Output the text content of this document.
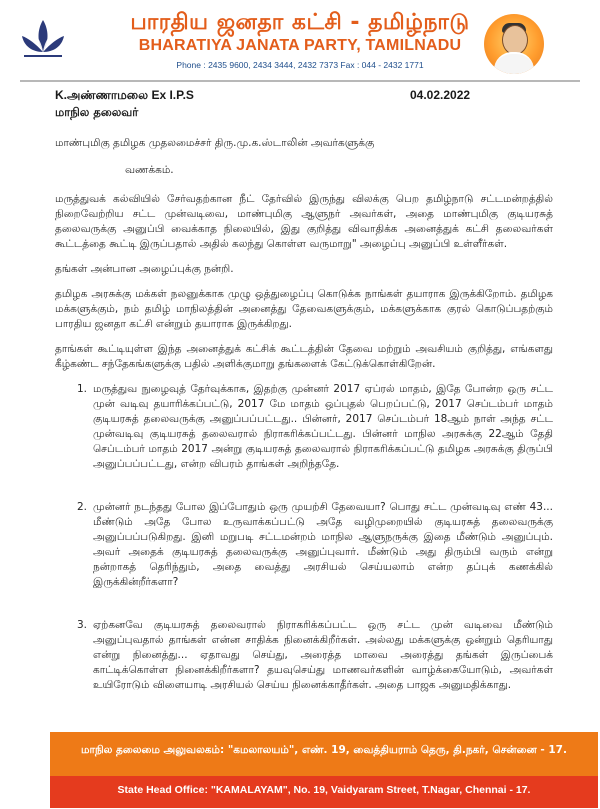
பாரதிய ஜனதா கட்சி - தமிழ்நாடு
BHARATIYA JANATA PARTY, TAMILNADU
Phone : 2435 9600, 2434 3444, 2432 7373 Fax : 044 - 2432 1771
K.அண்ணாமலை Ex I.P.S
மாநில தலைவர்
04.02.2022

மாண்புமிகு தமிழக முதலமைச்சர் திரு.மு.க.ஸ்டாலின் அவர்களுக்கு

வணக்கம்.

மருத்துவக் கல்வியில் சேர்வதற்கான நீட் தேர்வில் இருந்து விலக்கு பெற தமிழ்நாடு சட்டமன்றத்தில் நிறைவேற்றிய சட்ட முன்வடிவை, மாண்புமிகு ஆளுநர் அவர்கள், அதை மாண்புமிகு குடியரசுத் தலைவருக்கு அனுப்பி வைக்காத நிலையில், இது குறித்து விவாதிக்க அனைத்துக் கட்சி தலைவர்கள் கூட்டத்தை கூட்டி இருப்பதால் அதில் கலந்து கொள்ள வருமாறு" அழைப்பு அனுப்பி உள்ளீர்கள்.

தங்கள் அன்பான அழைப்புக்கு நன்றி.

தமிழக அரசுக்கு மக்கள் நலனுக்காக முழு ஒத்துழைப்பு கொடுக்க நாங்கள் தயாராக இருக்கிறோம். தமிழக மக்களுக்கும், நம் தமிழ் மாநிலத்தின் அனைத்து தேவைகளுக்கும், மக்களுக்காக குரல் கொடுப்பதற்கும் பாரதிய ஜனதா கட்சி என்றும் தயாராக இருக்கிறது.

தாங்கள் கூட்டியுள்ள இந்த அனைத்துக் கட்சிக் கூட்டத்தின் தேவை மற்றும் அவசியம் குறித்து, எங்களது கீழ்கண்ட சந்தேகங்களுக்கு பதில் அளிக்குமாறு தங்களைக் கேட்டுக்கொள்கிறேன்.

1. மருத்துவ நுழைவுத் தேர்வுக்காக, இதற்கு முன்னர் 2017 ஏப்ரல் மாதம், இதே போன்ற ஒரு சட்ட முன் வடிவு தயாரிக்கப்பட்டு, 2017 மே மாதம் ஒப்புதல் பெறப்பட்டு, 2017 செப்டம்பர் மாதம் குடியரசுத் தலைவருக்கு அனுப்பப்பட்டது.. பின்னர், 2017 செப்டம்பர் 18ஆம் நாள் அந்த சட்ட முன்வடிவு குடியரசுத் தலைவரால் நிராகரிக்கப்பட்டது. பின்னர் மாநில அரசுக்கு 22ஆம் தேதி செப்டம்பர் மாதம் 2017 அன்று குடியரசுத் தலைவரால் நிராகரிக்கப்பட்டு தமிழக அரசுக்கு திருப்பி அனுப்பப்பட்டது, என்ற விபரம் தாங்கள் அறிந்ததே.
2. முன்னர் நடந்தது போல இப்போதும் ஒரு முயற்சி தேவையா? பொது சட்ட முன்வடிவு எண் 43... மீண்டும் அதே போல உருவாக்கப்பட்டு அதே வழிமுறையில் குடியரசுத் தலைவருக்கு அனுப்பப்படுகிறது. இனி மறுபடி சட்டமன்றம் மாநில ஆளுநருக்கு இதை மீண்டும் அனுப்பும். அவர் அதைக் குடியரசுத் தலைவருக்கு அனுப்புவார். மீண்டும் அது திரும்பி வரும் என்று நன்றாகத் தெரிந்தும், அதை வைத்து அரசியல் செய்யலாம் என்ற தப்புக் கணக்கில் இருக்கின்றீர்களா?
3. ஏற்கனவே குடியரசுத் தலைவரால் நிராகரிக்கப்பட்ட ஒரு சட்ட முன் வடிவை மீண்டும் அனுப்புவதால் தாங்கள் என்ன சாதிக்க நினைக்கிறீர்கள். அல்லது மக்களுக்கு ஒன்றும் தெரியாது என்று நினைத்து... ஏதாவது செய்து, அரைத்த மாவை அரைத்து தங்கள் இருப்பைக் காட்டிக்கொள்ள நினைக்கிறீர்களா? தயவுசெய்து மாணவர்களின் வாழ்க்கையோடும், அவர்கள் உயிரோடும் விளையாடி அரசியல் செய்ய நினைக்காதீர்கள். அதை பாஜக அனுமதிக்காது.
மாநில தலைமை அலுவலகம்: "கமலாலயம்", எண். 19, வைத்தியராம் தெரு, தி.நகர், சென்னை - 17.
State Head Office: "KAMALAYAM", No. 19, Vaidyaram Street, T.Nagar, Chennai - 17.
